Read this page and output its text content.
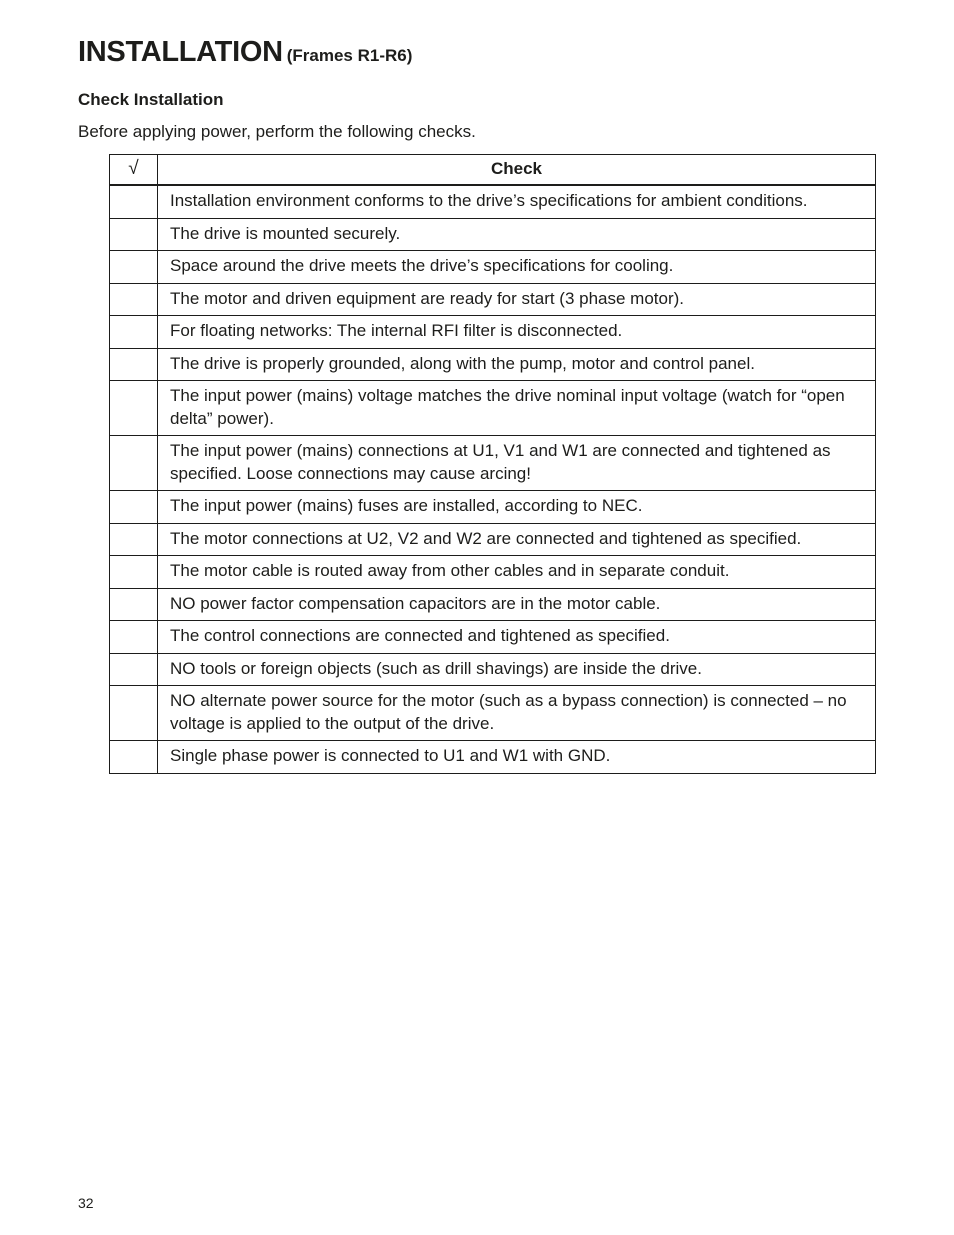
INSTALLATION (Frames R1-R6)
Check Installation

Before applying power, perform the following checks.

√	Check
	Installation environment conforms to the drive’s specifications for ambient conditions.
	The drive is mounted securely.
	Space around the drive meets the drive’s specifications for cooling.
	The motor and driven equipment are ready for start (3 phase motor).
	For floating networks: The internal RFI filter is disconnected.
	The drive is properly grounded, along with the pump, motor and control panel.
	The input power (mains) voltage matches the drive nominal input voltage (watch for “open delta” power).
	The input power (mains) connections at U1, V1 and W1 are connected and tightened as specified. Loose connections may cause arcing!
	The input power (mains) fuses are installed, according to NEC.
	The motor connections at U2, V2 and W2 are connected and tightened as specified.
	The motor cable is routed away from other cables and in separate conduit.
	NO power factor compensation capacitors are in the motor cable.
	The control connections are connected and tightened as specified.
	NO tools or foreign objects (such as drill shavings) are inside the drive.
	NO alternate power source for the motor (such as a bypass connection) is connected – no voltage is applied to the output of the drive.
	Single phase power is connected to U1 and W1 with GND.
32
